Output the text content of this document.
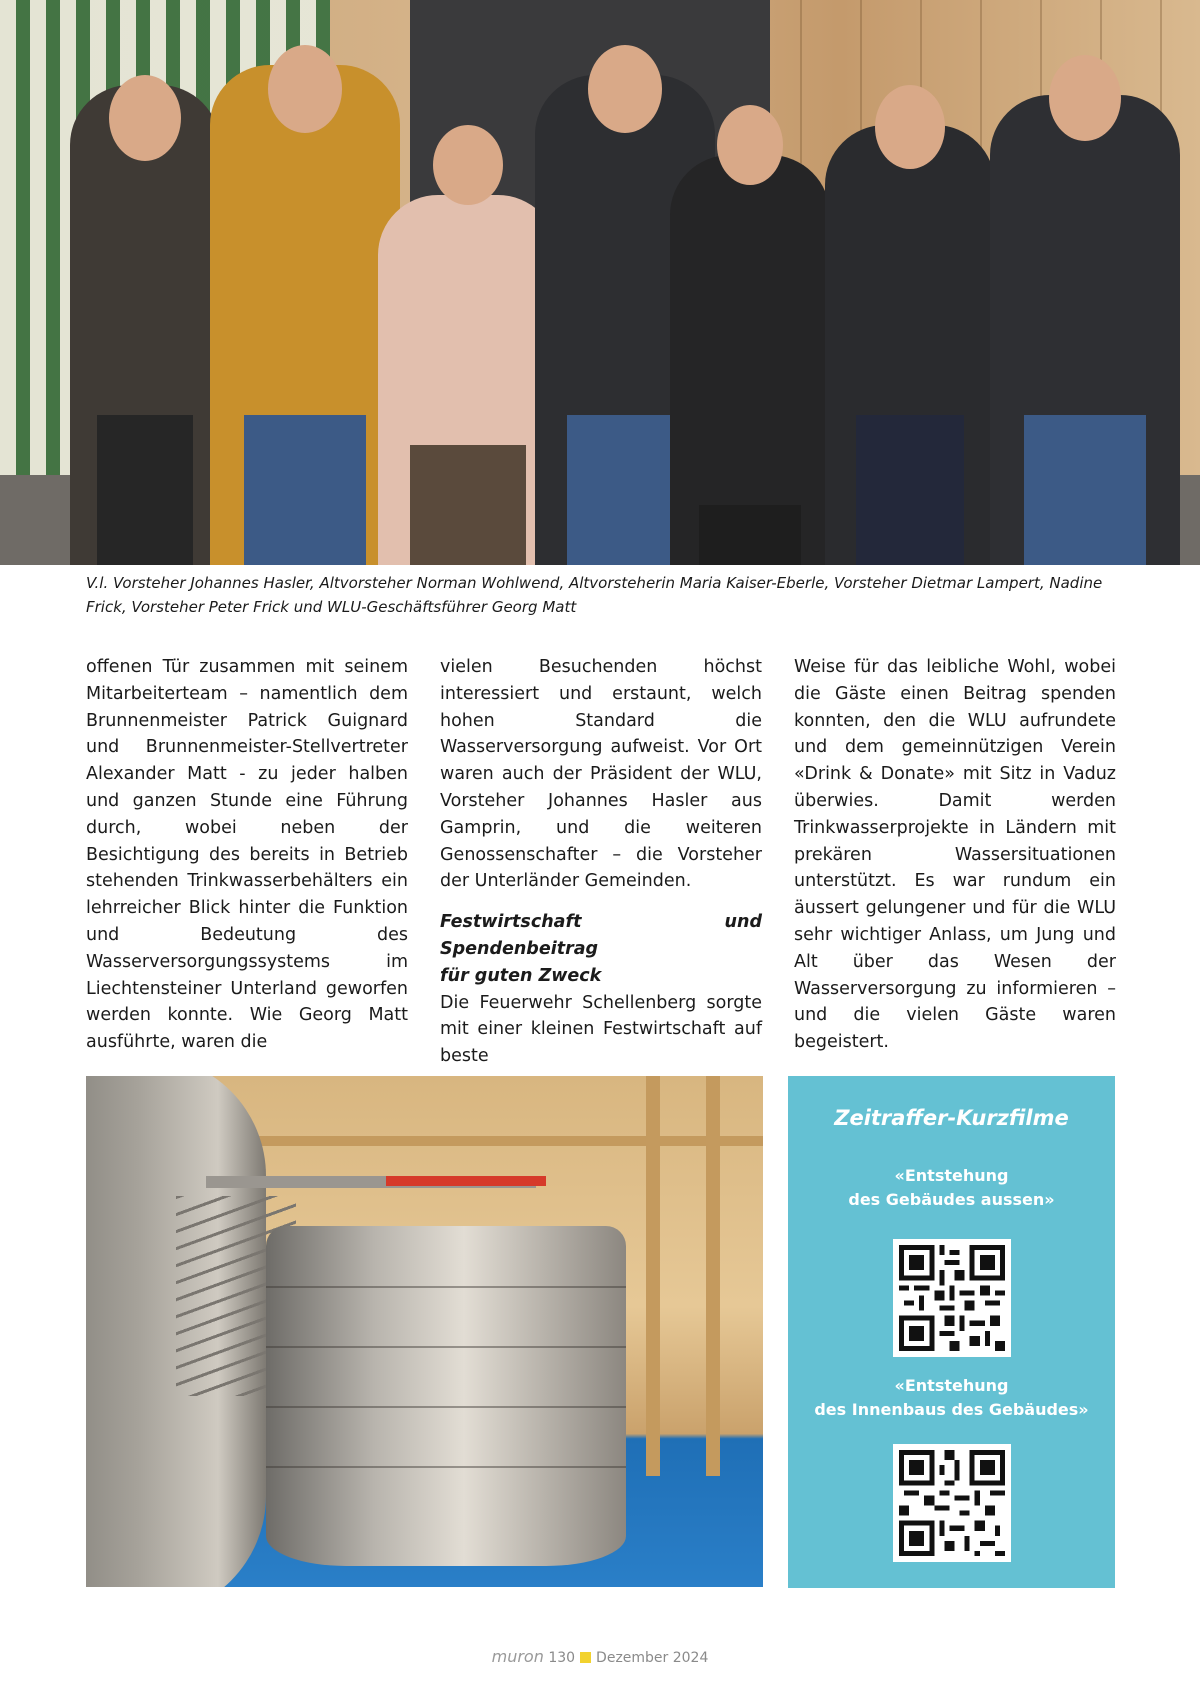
V.l. Vorsteher Johannes Hasler, Altvorsteher Norman Wohlwend, Altvorsteherin Maria Kaiser-Eberle, Vorsteher Dietmar Lampert, Nadine
Frick, Vorsteher Peter Frick und WLU-Geschäftsführer Georg Matt

offenen Tür zusammen mit seinem Mitarbeiterteam – namentlich dem Brunnenmeister Patrick Guignard und Brunnenmeister-Stellvertreter Alexander Matt - zu jeder halben und ganzen Stunde eine Führung durch, wobei neben der Besichtigung des bereits in Betrieb stehenden Trinkwasserbehälters ein lehrreicher Blick hinter die Funktion und Bedeutung des Wasserversorgungssystems im Liechtensteiner Unterland geworfen werden konnte. Wie Georg Matt ausführte, waren die

vielen Besuchenden höchst interessiert und erstaunt, welch hohen Standard die Wasserversorgung aufweist. Vor Ort waren auch der Präsident der WLU, Vorsteher Johannes Hasler aus Gamprin, und die weiteren Genossenschafter – die Vorsteher der Unterländer Gemeinden.

Festwirtschaft und Spendenbeitrag
für guten Zweck

Die Feuerwehr Schellenberg sorgte mit einer kleinen Festwirtschaft auf beste

Weise für das leibliche Wohl, wobei die Gäste einen Beitrag spenden konnten, den die WLU aufrundete und dem gemeinnützigen Verein «Drink & Donate» mit Sitz in Vaduz überwies. Damit werden Trinkwasserprojekte in Ländern mit prekären Wassersituationen unterstützt. Es war rundum ein äussert gelungener und für die WLU sehr wichtiger Anlass, um Jung und Alt über das Wesen der Wasserversorgung zu informieren – und die vielen Gäste waren begeistert.

Zeitraffer-Kurzfilme
«Entstehung
des Gebäudes aussen»
«Entstehung
des Innenbaus des Gebäudes»
muron 130 Dezember 2024
